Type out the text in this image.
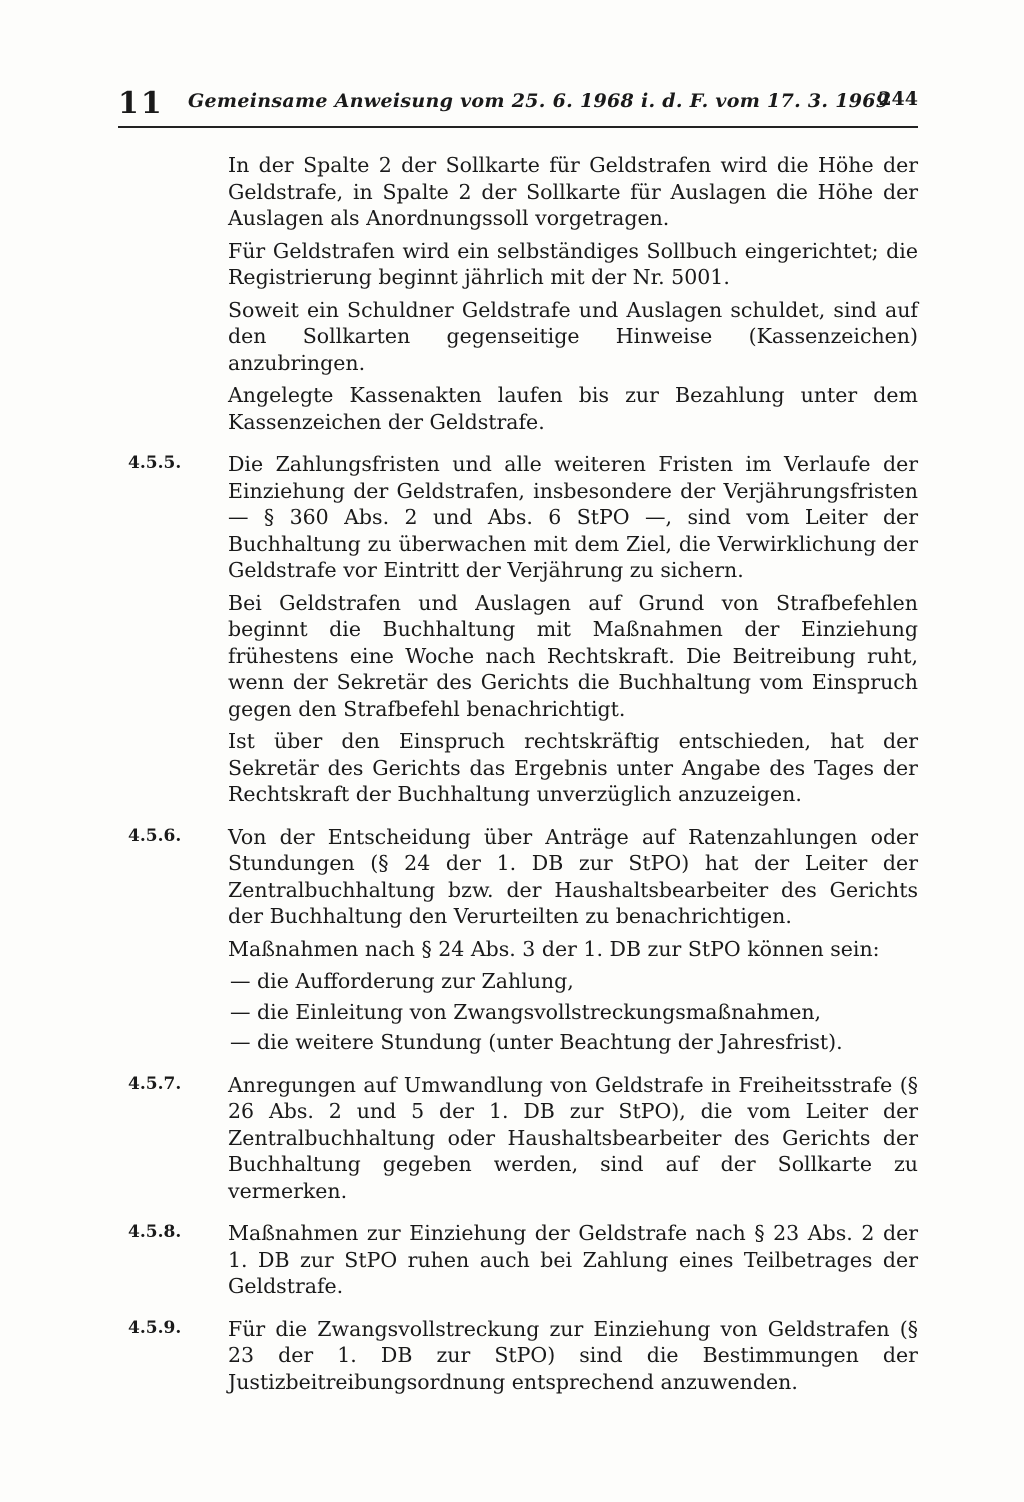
11 Gemeinsame Anweisung vom 25. 6. 1968 i. d. F. vom 17. 3. 1969
244

In der Spalte 2 der Sollkarte für Geldstrafen wird die Höhe der Geldstrafe, in Spalte 2 der Sollkarte für Auslagen die Höhe der Auslagen als Anordnungssoll vorgetragen.

Für Geldstrafen wird ein selbständiges Sollbuch eingerichtet; die Registrierung beginnt jährlich mit der Nr. 5001.

Soweit ein Schuldner Geldstrafe und Auslagen schuldet, sind auf den Sollkarten gegenseitige Hinweise (Kassenzeichen) anzubringen.

Angelegte Kassenakten laufen bis zur Bezahlung unter dem Kassenzeichen der Geldstrafe.

4.5.5. Die Zahlungsfristen und alle weiteren Fristen im Verlaufe der Einziehung der Geldstrafen, insbesondere der Verjährungsfristen — § 360 Abs. 2 und Abs. 6 StPO —, sind vom Leiter der Buchhaltung zu überwachen mit dem Ziel, die Verwirklichung der Geldstrafe vor Eintritt der Verjährung zu sichern.

Bei Geldstrafen und Auslagen auf Grund von Strafbefehlen beginnt die Buchhaltung mit Maßnahmen der Einziehung frühestens eine Woche nach Rechtskraft. Die Beitreibung ruht, wenn der Sekretär des Gerichts die Buchhaltung vom Einspruch gegen den Strafbefehl benachrichtigt.

Ist über den Einspruch rechtskräftig entschieden, hat der Sekretär des Gerichts das Ergebnis unter Angabe des Tages der Rechtskraft der Buchhaltung unverzüglich anzuzeigen.

4.5.6. Von der Entscheidung über Anträge auf Ratenzahlungen oder Stundungen (§ 24 der 1. DB zur StPO) hat der Leiter der Zentralbuchhaltung bzw. der Haushaltsbearbeiter des Gerichts der Buchhaltung den Verurteilten zu benachrichtigen.

Maßnahmen nach § 24 Abs. 3 der 1. DB zur StPO können sein:

— die Aufforderung zur Zahlung,
— die Einleitung von Zwangsvollstreckungsmaßnahmen,
— die weitere Stundung (unter Beachtung der Jahresfrist).
4.5.7. Anregungen auf Umwandlung von Geldstrafe in Freiheitsstrafe (§ 26 Abs. 2 und 5 der 1. DB zur StPO), die vom Leiter der Zentralbuchhaltung oder Haushaltsbearbeiter des Gerichts der Buchhaltung gegeben werden, sind auf der Sollkarte zu vermerken.

4.5.8. Maßnahmen zur Einziehung der Geldstrafe nach § 23 Abs. 2 der 1. DB zur StPO ruhen auch bei Zahlung eines Teilbetrages der Geldstrafe.

4.5.9. Für die Zwangsvollstreckung zur Einziehung von Geldstrafen (§ 23 der 1. DB zur StPO) sind die Bestimmungen der Justizbeitreibungsordnung entsprechend anzuwenden.
